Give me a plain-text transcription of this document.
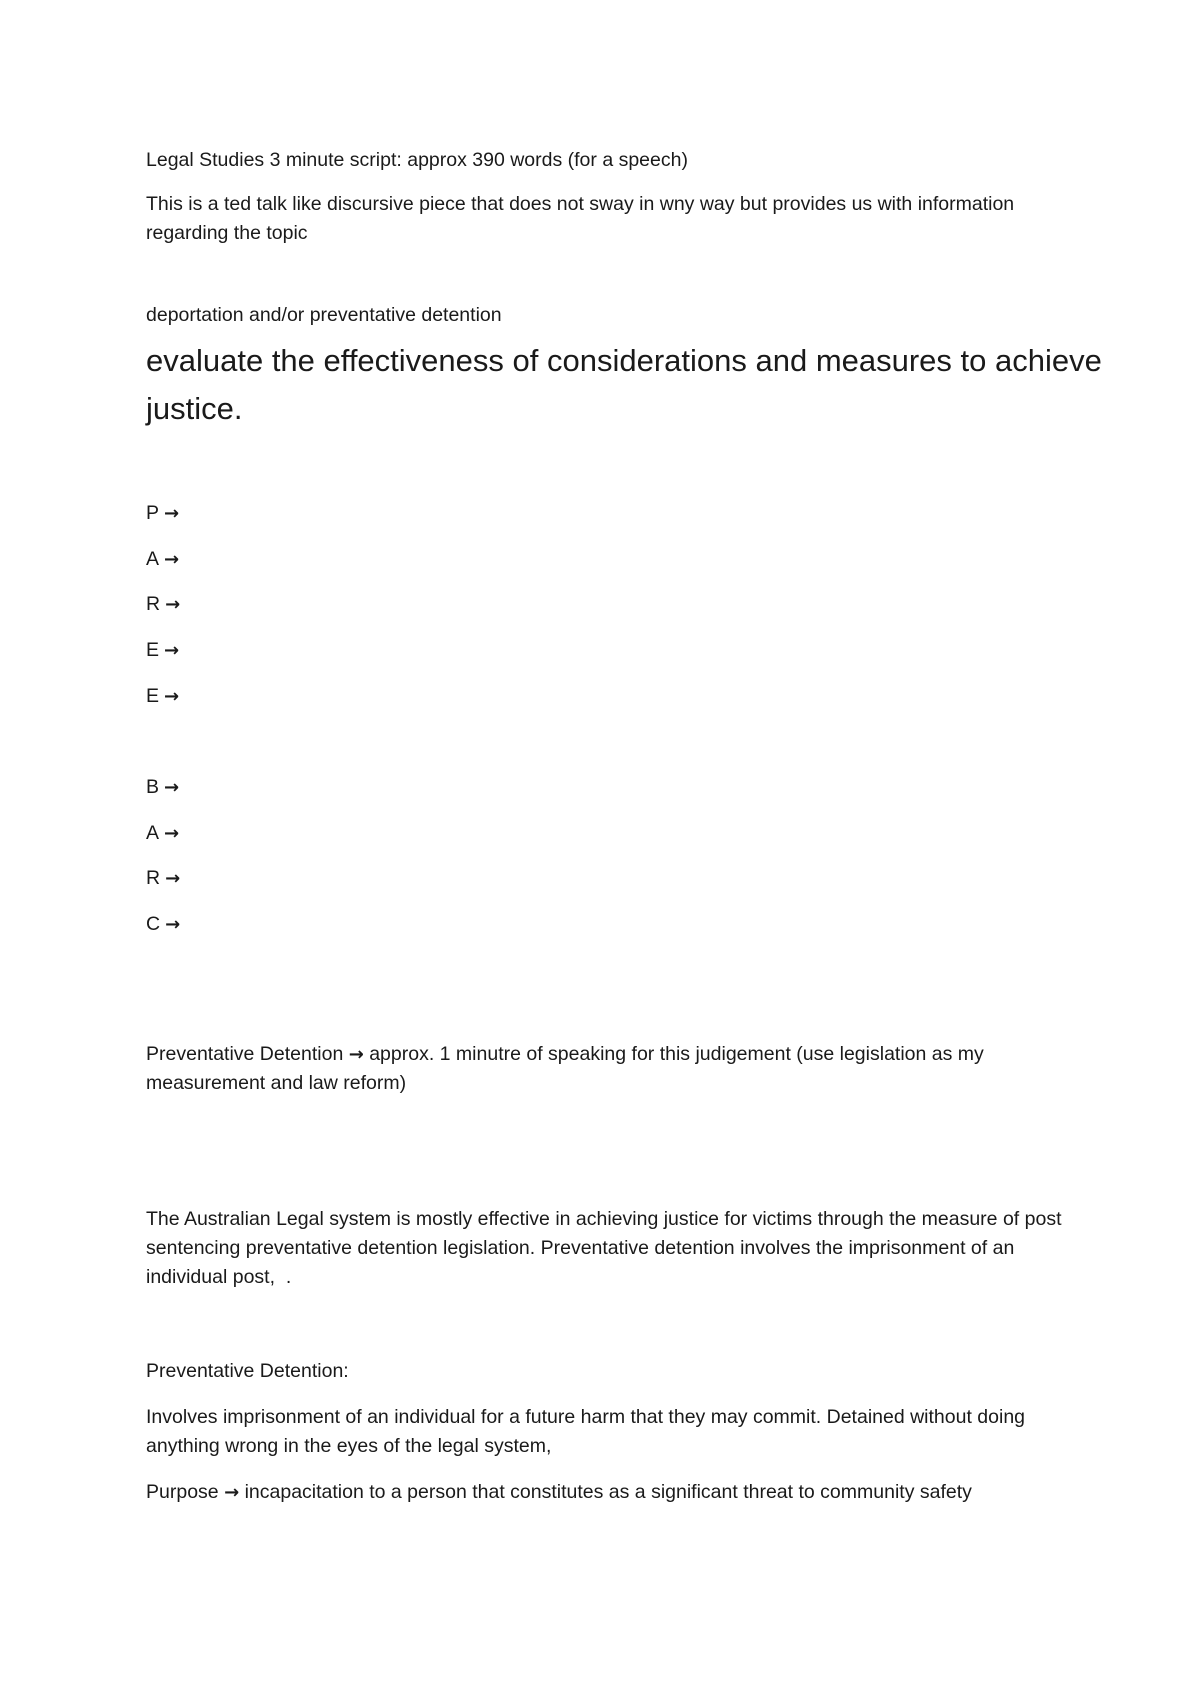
Legal Studies 3 minute script: approx 390 words (for a speech)

This is a ted talk like discursive piece that does not sway in wny way but provides us with information regarding the topic

deportation and/or preventative detention

evaluate the effectiveness of considerations and measures to achieve justice.

P →
A →
R →
E →
E →
B →
A →
R →
C →

Preventative Detention → approx. 1 minutre of speaking for this judigement (use legislation as my measurement and law reform)

The Australian Legal system is mostly effective in achieving justice for victims through the measure of post sentencing preventative detention legislation. Preventative detention involves the imprisonment of an individual post,  .

Preventative Detention:

Involves imprisonment of an individual for a future harm that they may commit. Detained without doing anything wrong in the eyes of the legal system,

Purpose → incapacitation to a person that constitutes as a significant threat to community safety
